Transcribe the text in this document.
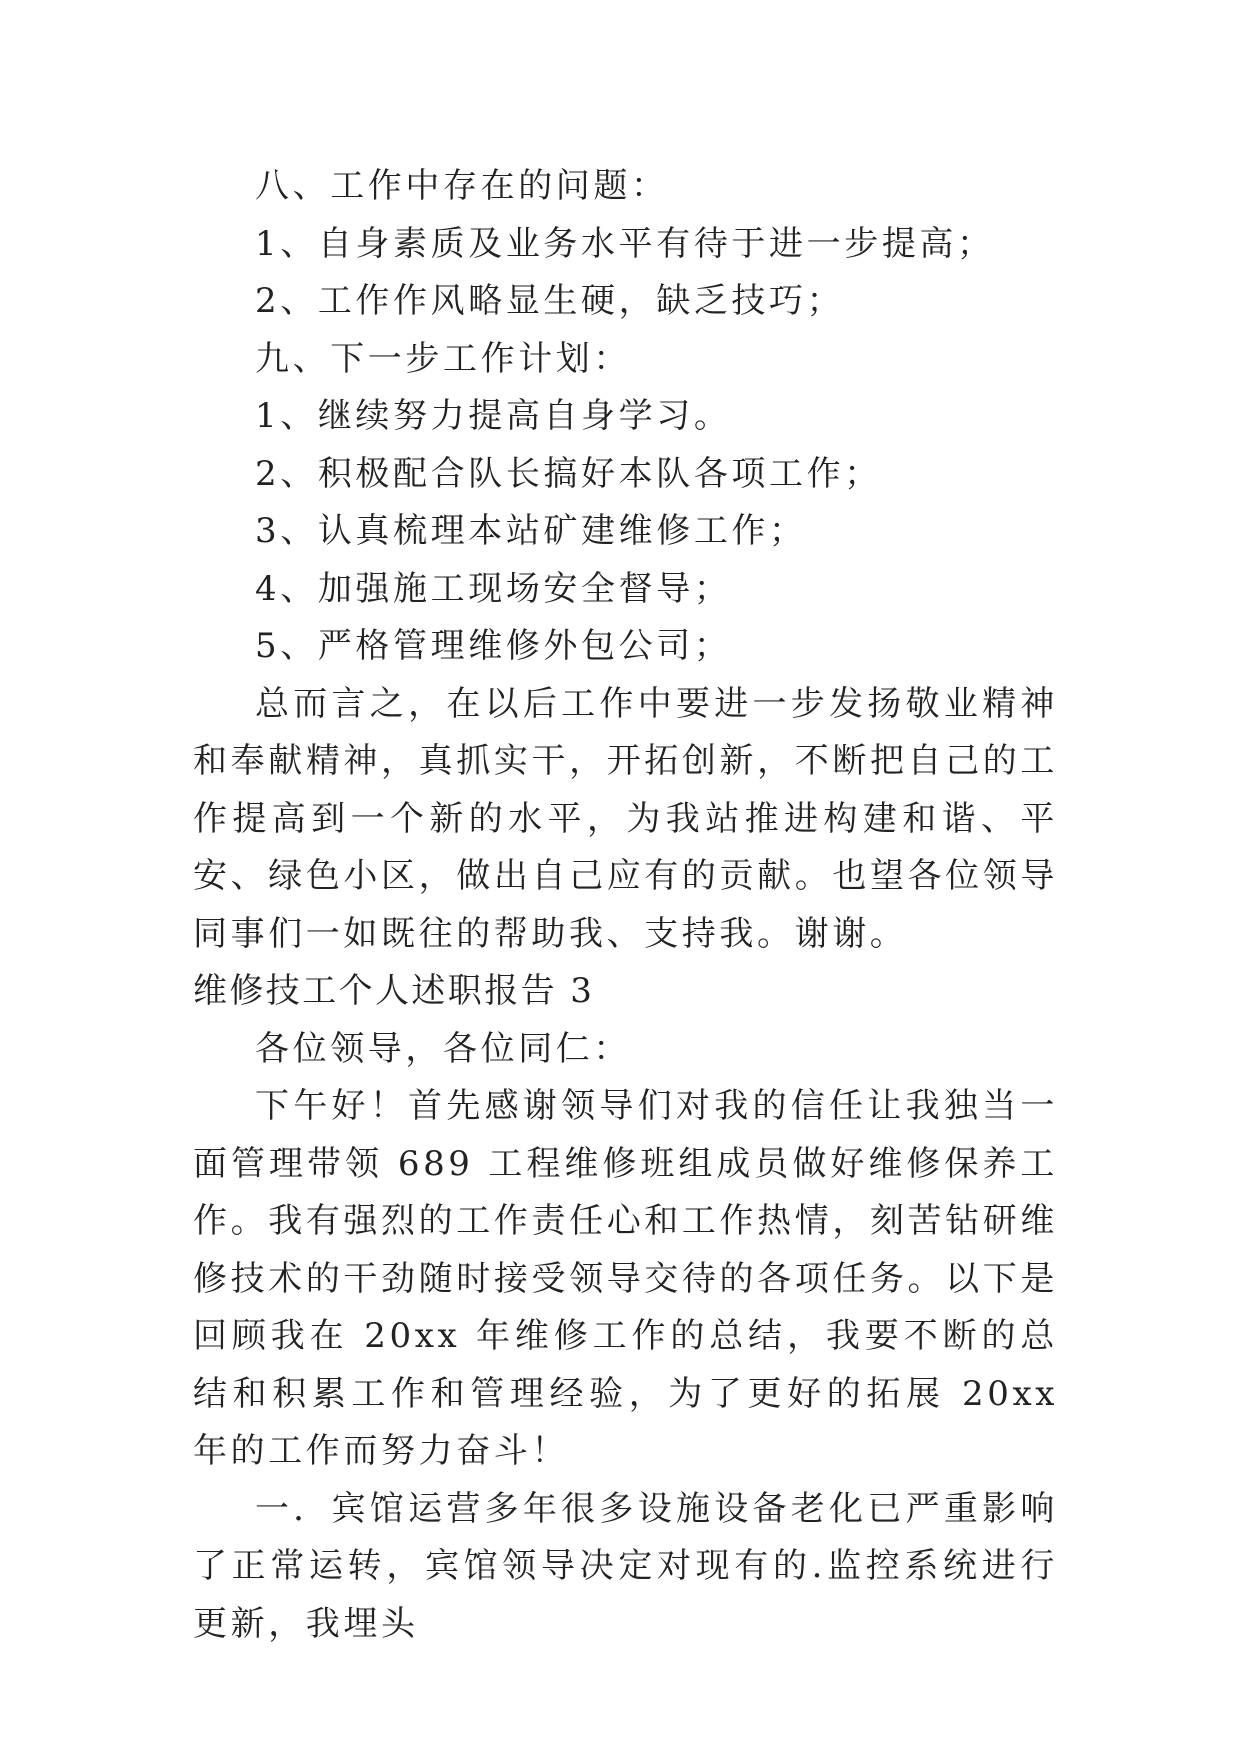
八、工作中存在的问题：
1、自身素质及业务水平有待于进一步提高；
2、工作作风略显生硬，缺乏技巧；
九、下一步工作计划：
1、继续努力提高自身学习。
2、积极配合队长搞好本队各项工作；
3、认真梳理本站矿建维修工作；
4、加强施工现场安全督导；
5、严格管理维修外包公司；

总而言之，在以后工作中要进一步发扬敬业精神和奉献精神，真抓实干，开拓创新，不断把自己的工作提高到一个新的水平，为我站推进构建和谐、平安、绿色小区，做出自己应有的贡献。也望各位领导同事们一如既往的帮助我、支持我。谢谢。

维修技工个人述职报告 3
各位领导，各位同仁：

下午好！首先感谢领导们对我的信任让我独当一面管理带领 689 工程维修班组成员做好维修保养工作。我有强烈的工作责任心和工作热情，刻苦钻研维修技术的干劲随时接受领导交待的各项任务。以下是回顾我在 20xx 年维修工作的总结，我要不断的总结和积累工作和管理经验，为了更好的拓展 20xx 年的工作而努力奋斗！

一．宾馆运营多年很多设施设备老化已严重影响了正常运转，宾馆领导决定对现有的.监控系统进行更新，我埋头
